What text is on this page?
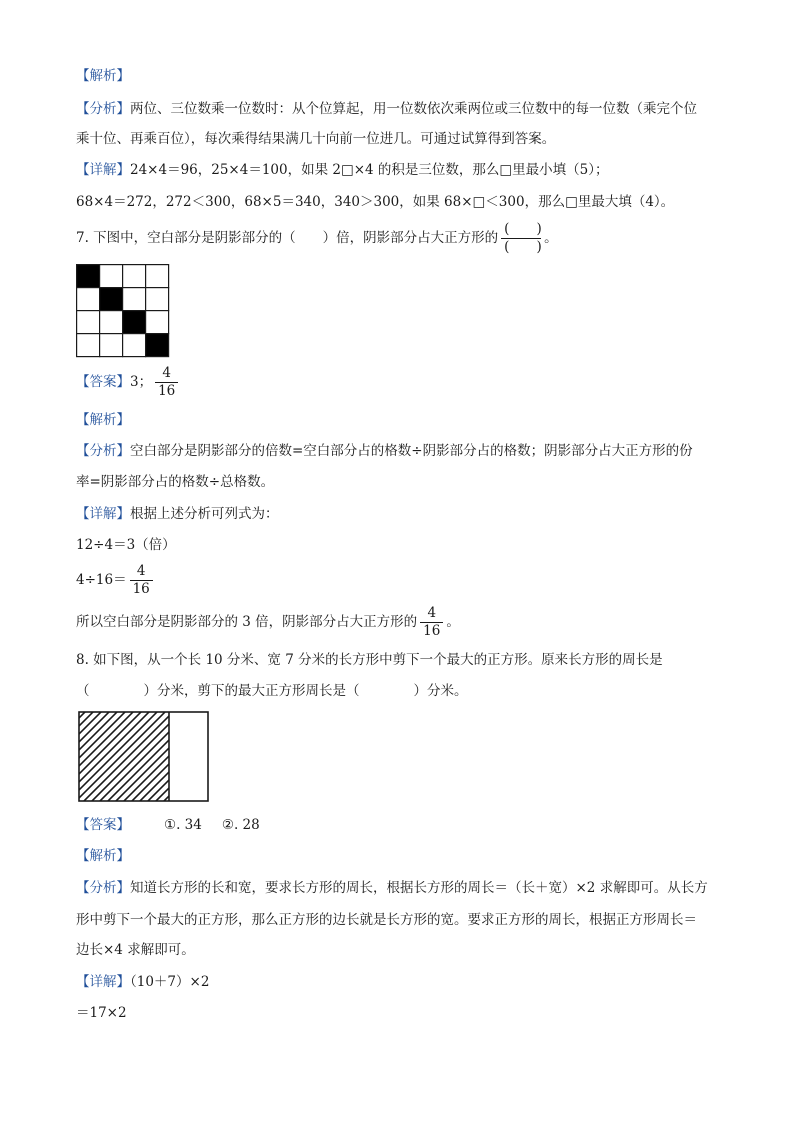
【解析】
【分析】两位、三位数乘一位数时：从个位算起，用一位数依次乘两位或三位数中的每一位数（乘完个位
乘十位、再乘百位），每次乘得结果满几十向前一位进几。可通过试算得到答案。
【详解】24×4＝96，25×4＝100，如果 2□×4 的积是三位数，那么□里最小填（5）；
68×4＝272，272＜300，68×5＝340，340＞300，如果 68×□＜300，那么□里最大填（4）。
7. 下图中，空白部分是阴影部分的（　　）倍，阴影部分占大正方形的 $\frac{( )}{( )}$ 。
【答案】3； $\frac{4}{16}$
【解析】
【分析】空白部分是阴影部分的倍数=空白部分占的格数÷阴影部分占的格数；阴影部分占大正方形的份
率=阴影部分占的格数÷总格数。
【详解】根据上述分析可列式为：
12÷4＝3（倍）
$4\div 16= \frac{4}{16}$
所以空白部分是阴影部分的 3 倍，阴影部分占大正方形的 $\frac{4}{16}$ 。
8. 如下图，从一个长 10 分米、宽 7 分米的长方形中剪下一个最大的正方形。原来长方形的周长是
（　　　　）分米，剪下的最大正方形周长是（　　　　）分米。
【答案】	①. 34 ②. 28
【解析】
【分析】知道长方形的长和宽，要求长方形的周长，根据长方形的周长＝（长＋宽）×2 求解即可。从长方
形中剪下一个最大的正方形，那么正方形的边长就是长方形的宽。要求正方形的周长，根据正方形周长＝
边长×4 求解即可。
【详解】（10＋7）×2
＝17×2
